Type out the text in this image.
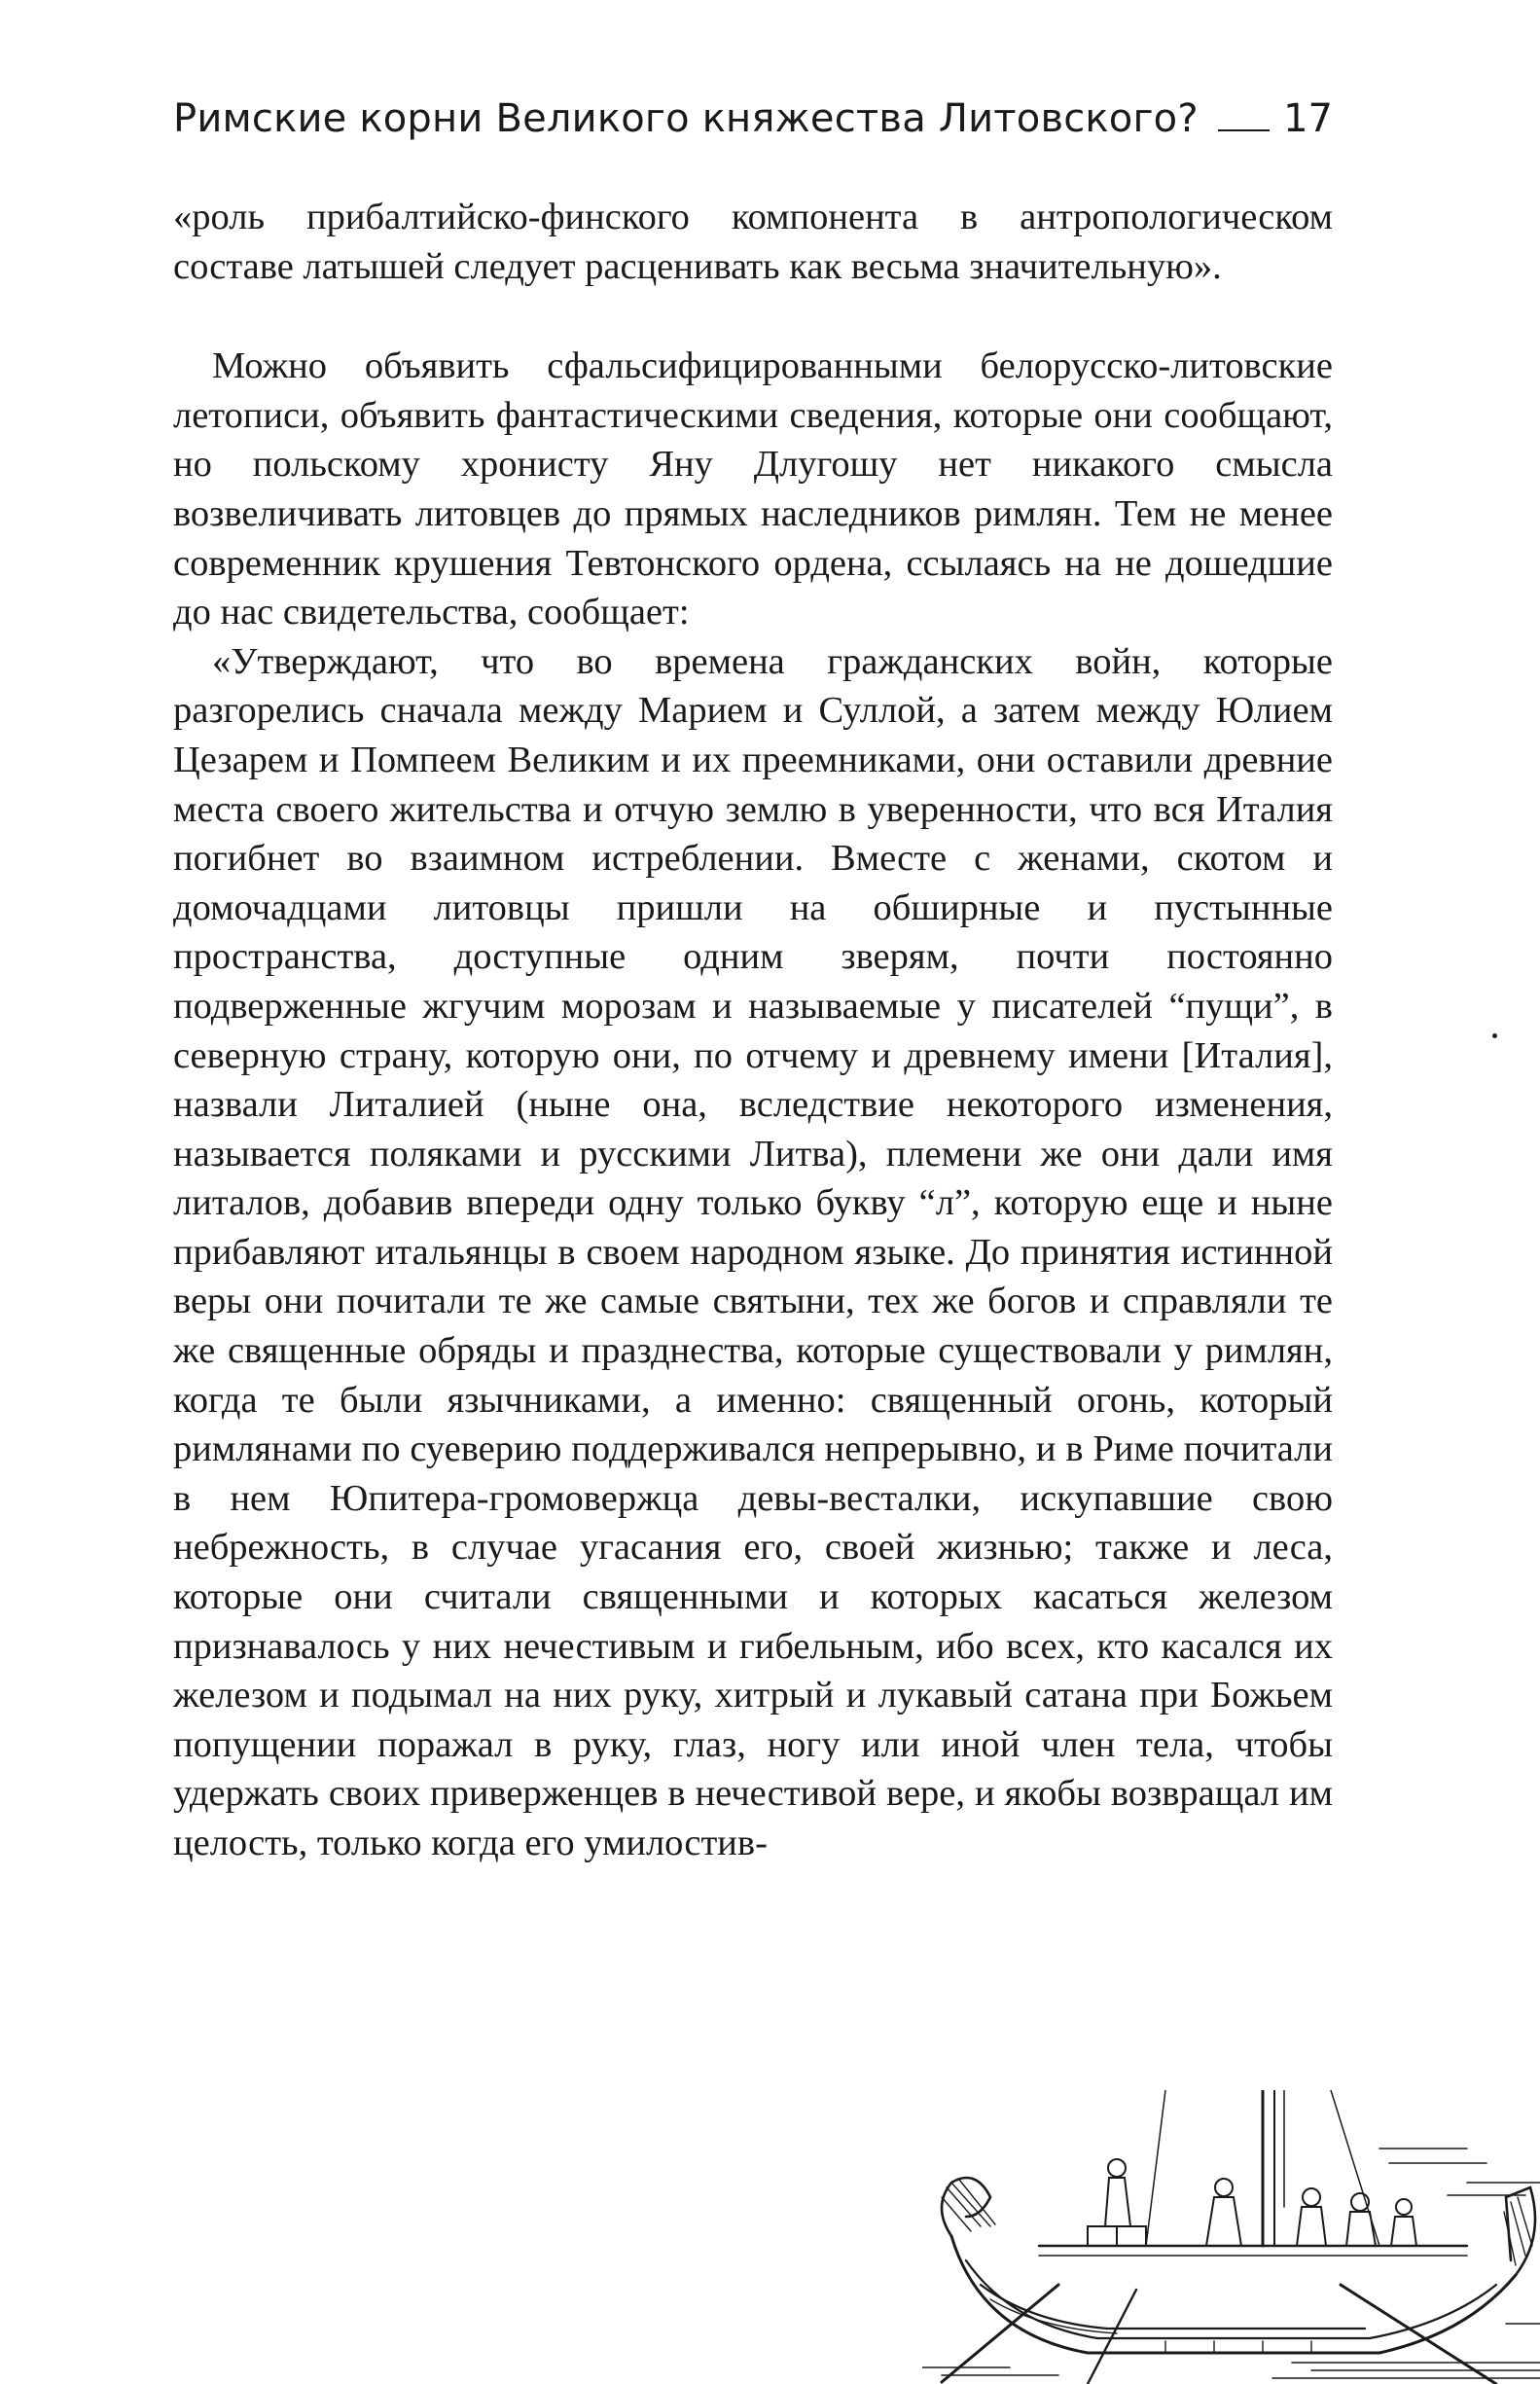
Римские корни Великого княжества Литовского? 17

«роль прибалтийско-финского компонента в антропологическом составе латышей следует расценивать как весьма значительную».

Можно объявить сфальсифицированными белорусско-литовские летописи, объявить фантастическими сведения, которые они сообщают, но польскому хронисту Яну Длугошу нет никакого смысла возвеличивать литовцев до прямых наследников римлян. Тем не менее современник крушения Тевтонского ордена, ссылаясь на не дошедшие до нас свидетельства, сообщает:

«Утверждают, что во времена гражданских войн, которые разгорелись сначала между Марием и Суллой, а затем между Юлием Цезарем и Помпеем Великим и их преемниками, они оставили древние места своего жительства и отчую землю в уверенности, что вся Италия погибнет во взаимном истреблении. Вместе с женами, скотом и домочадцами литовцы пришли на обширные и пустынные пространства, доступные одним зверям, почти постоянно подверженные жгучим морозам и называемые у писателей “пущи”, в северную страну, которую они, по отчему и древнему имени [Италия], назвали Литалией (ныне она, вследствие некоторого изменения, называется поляками и русскими Литва), племени же они дали имя литалов, добавив впереди одну только букву “л”, которую еще и ныне прибавляют итальянцы в своем народном языке. До принятия истинной веры они почитали те же самые святыни, тех же богов и справляли те же священные обряды и празднества, которые существовали у римлян, когда те были язычниками, а именно: священный огонь, который римлянами по суеверию поддерживался непрерывно, и в Риме почитали в нем Юпитера-громовержца девы-весталки, искупавшие свою небрежность, в случае угасания его, своей жизнью; также и леса, которые они считали священными и которых касаться железом признавалось у них нечестивым и гибельным, ибо всех, кто касался их железом и подымал на них руку, хитрый и лукавый сатана при Божьем попущении поражал в руку, глаз, ногу или иной член тела, чтобы удержать своих приверженцев в нечестивой вере, и якобы возвращал им целость, только когда его умилостив-
